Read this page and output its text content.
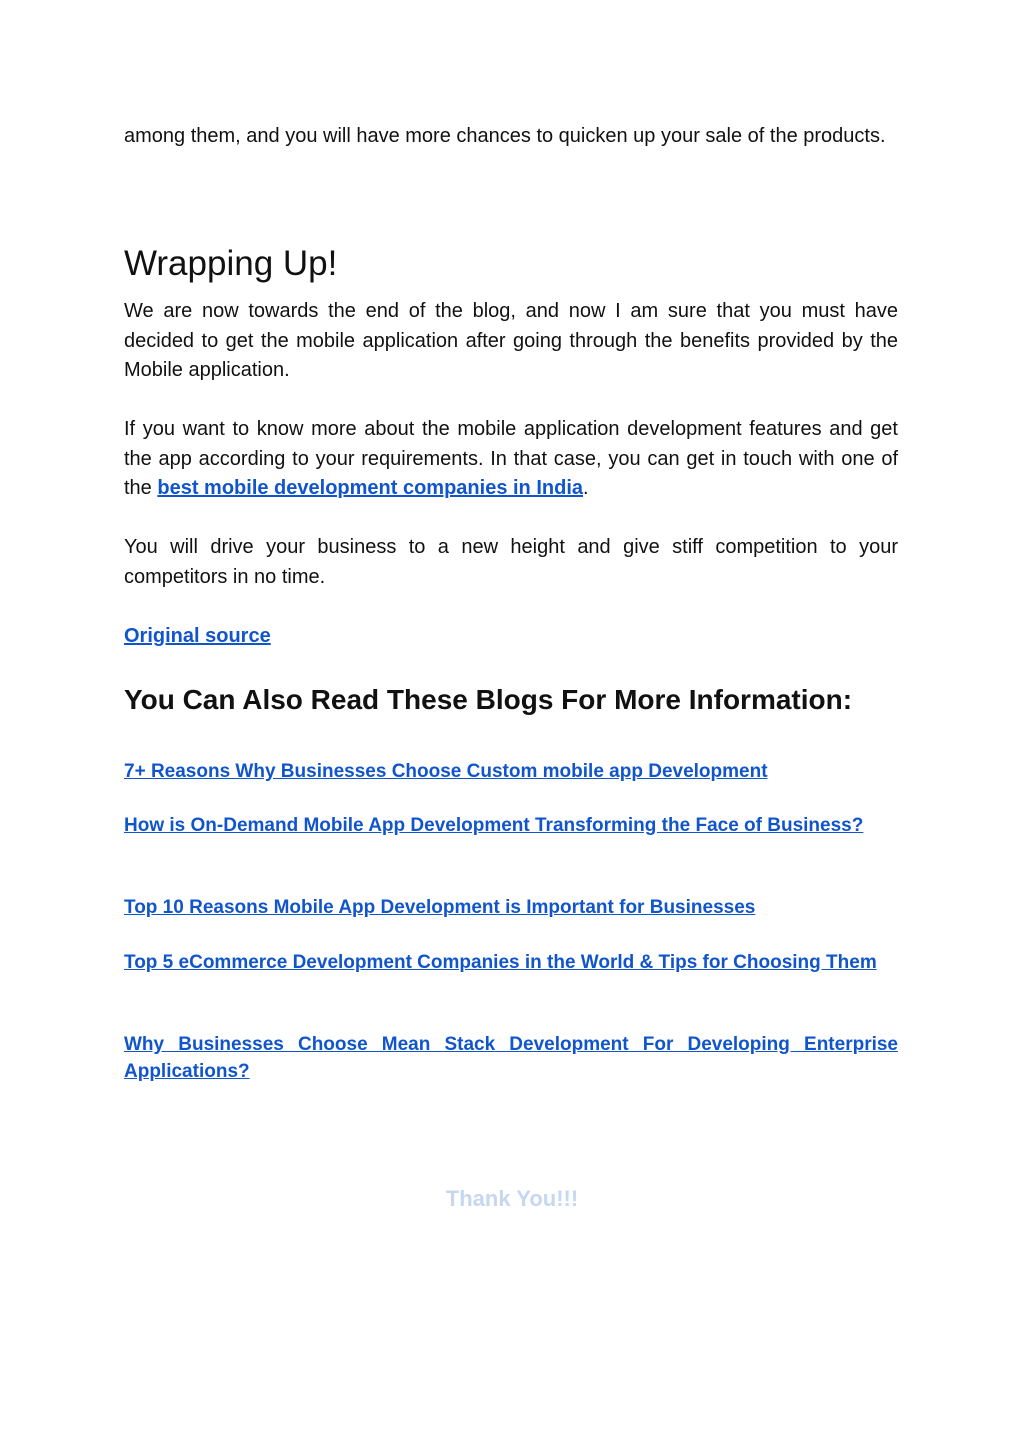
among them, and you will have more chances to quicken up your sale of the products.

Wrapping Up!

We are now towards the end of the blog, and now I am sure that you must have decided to get the mobile application after going through the benefits provided by the Mobile application.

If you want to know more about the mobile application development features and get the app according to your requirements. In that case, you can get in touch with one of the best mobile development companies in India.

You will drive your business to a new height and give stiff competition to your competitors in no time.

Original source

You Can Also Read These Blogs For More Information:
7+ Reasons Why Businesses Choose Custom mobile app Development
How is On-Demand Mobile App Development Transforming the Face of Business?
Top 10 Reasons Mobile App Development is Important for Businesses
Top 5 eCommerce Development Companies in the World & Tips for Choosing Them
Why Businesses Choose Mean Stack Development For Developing Enterprise Applications?
Thank You!!!
